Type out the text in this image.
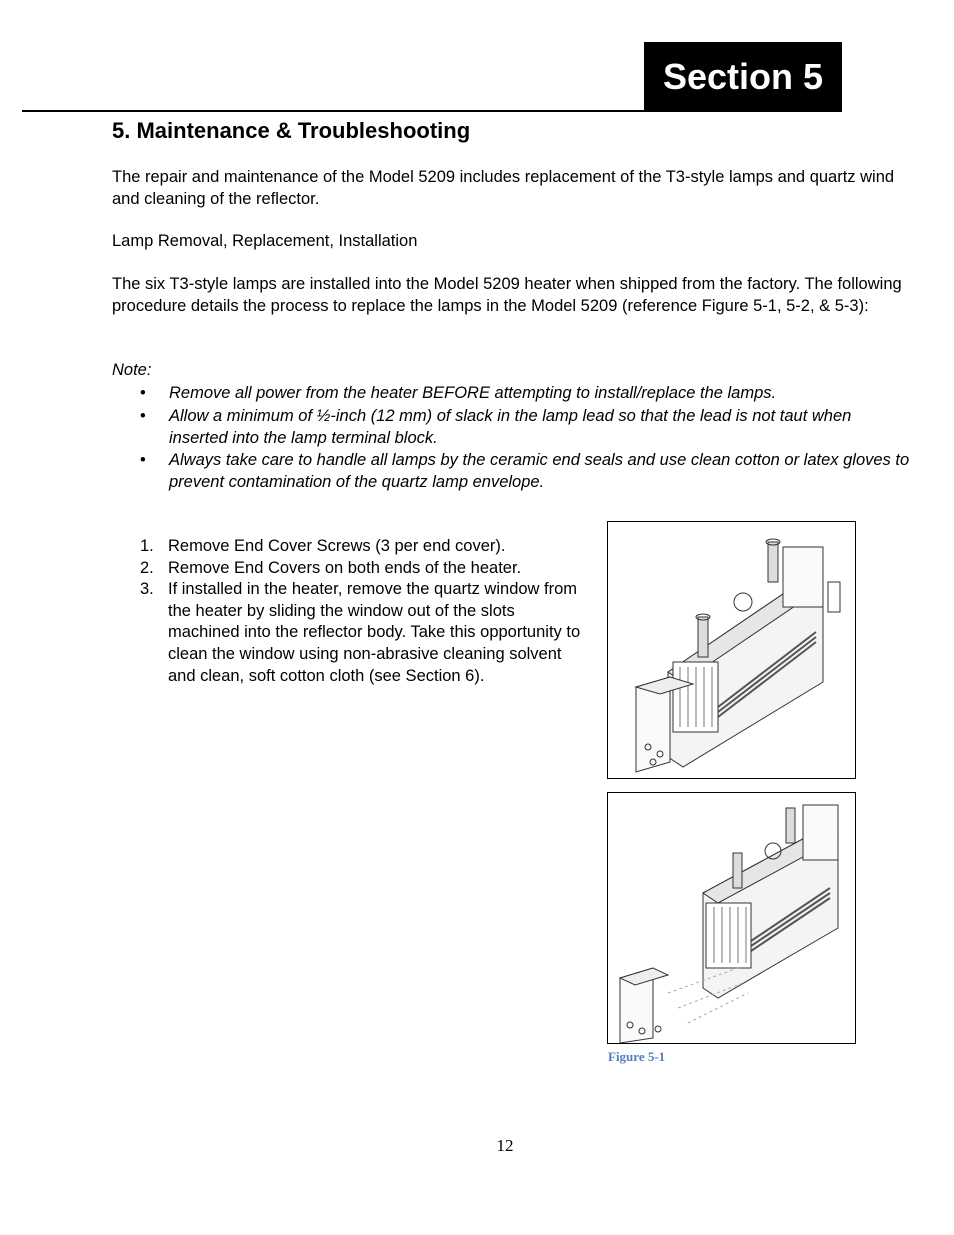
Section 5
5. Maintenance & Troubleshooting

The repair and maintenance of the Model 5209 includes replacement of the T3-style lamps and quartz wind and cleaning of the reflector.

Lamp Removal, Replacement, Installation

The six T3-style lamps are installed into the Model 5209 heater when shipped from the factory. The following procedure details the process to replace the lamps in the Model 5209 (reference Figure 5-1, 5-2, & 5-3):

Note:
• Remove all power from the heater BEFORE attempting to install/replace the lamps.
• Allow a minimum of ½-inch (12 mm) of slack in the lamp lead so that the lead is not taut when inserted into the lamp terminal block.
• Always take care to handle all lamps by the ceramic end seals and use clean cotton or latex gloves to prevent contamination of the quartz lamp envelope.
1. Remove End Cover Screws (3 per end cover).
2. Remove End Covers on both ends of the heater.
3. If installed in the heater, remove the quartz window from the heater by sliding the window out of the slots machined into the reflector body. Take this opportunity to clean the window using non-abrasive cleaning solvent and clean, soft cotton cloth (see Section 6).
Figure 5-1
12
